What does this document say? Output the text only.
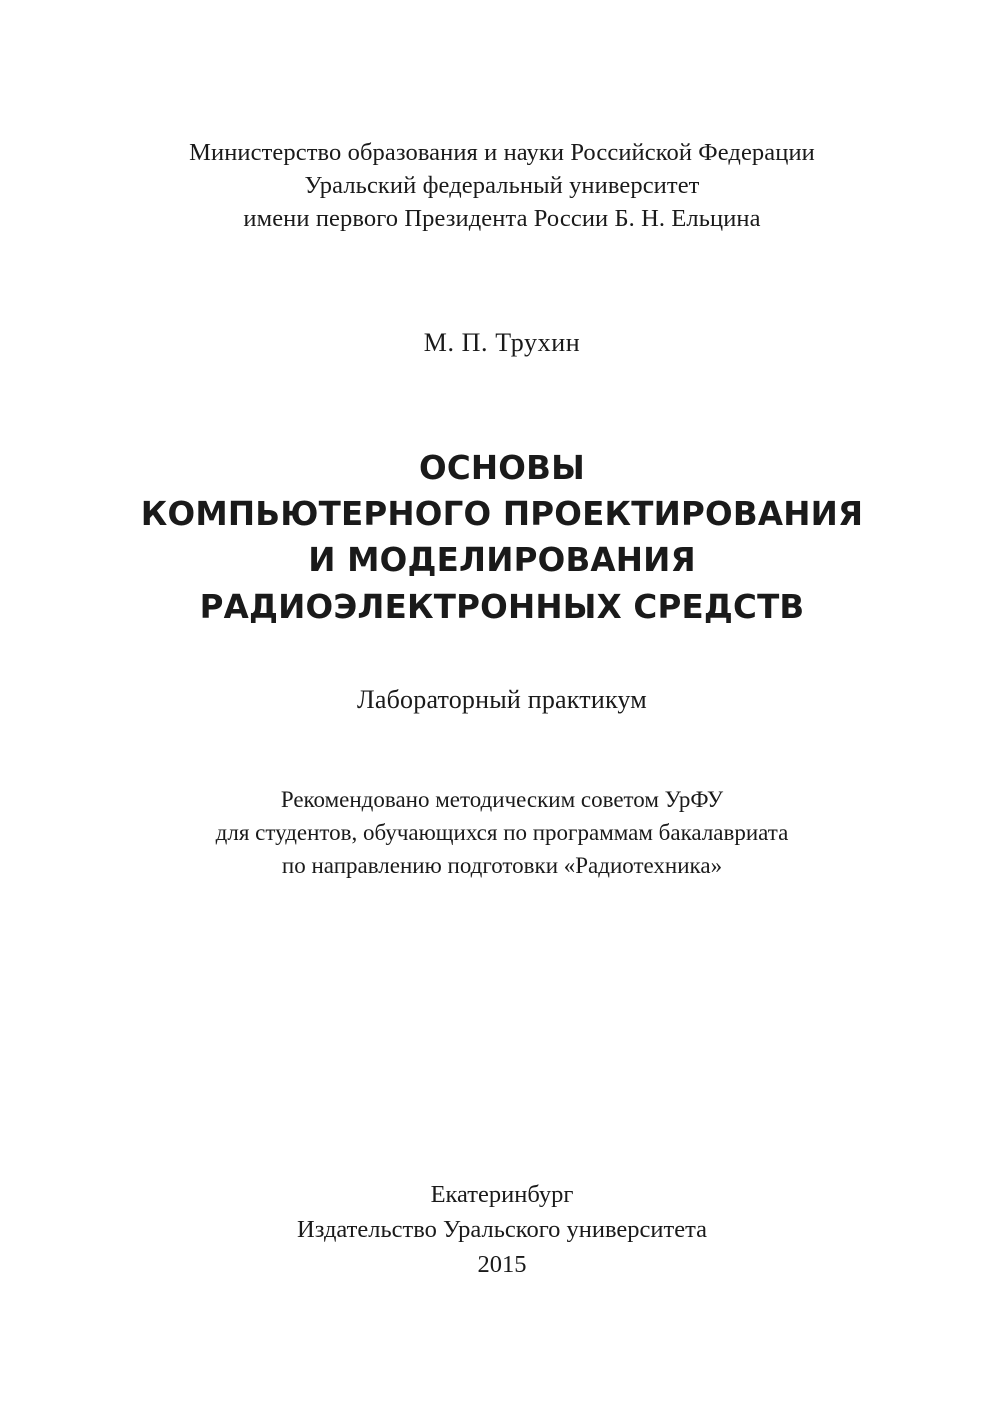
Министерство образования и науки Российской Федерации
Уральский федеральный университет
имени первого Президента России Б. Н. Ельцина
М. П. Трухин
ОСНОВЫ
КОМПЬЮТЕРНОГО ПРОЕКТИРОВАНИЯ
И МОДЕЛИРОВАНИЯ
РАДИОЭЛЕКТРОННЫХ СРЕДСТВ
Лабораторный практикум
Рекомендовано методическим советом УрФУ
для студентов, обучающихся по программам бакалавриата
по направлению подготовки «Радиотехника»
Екатеринбург
Издательство Уральского университета
2015
